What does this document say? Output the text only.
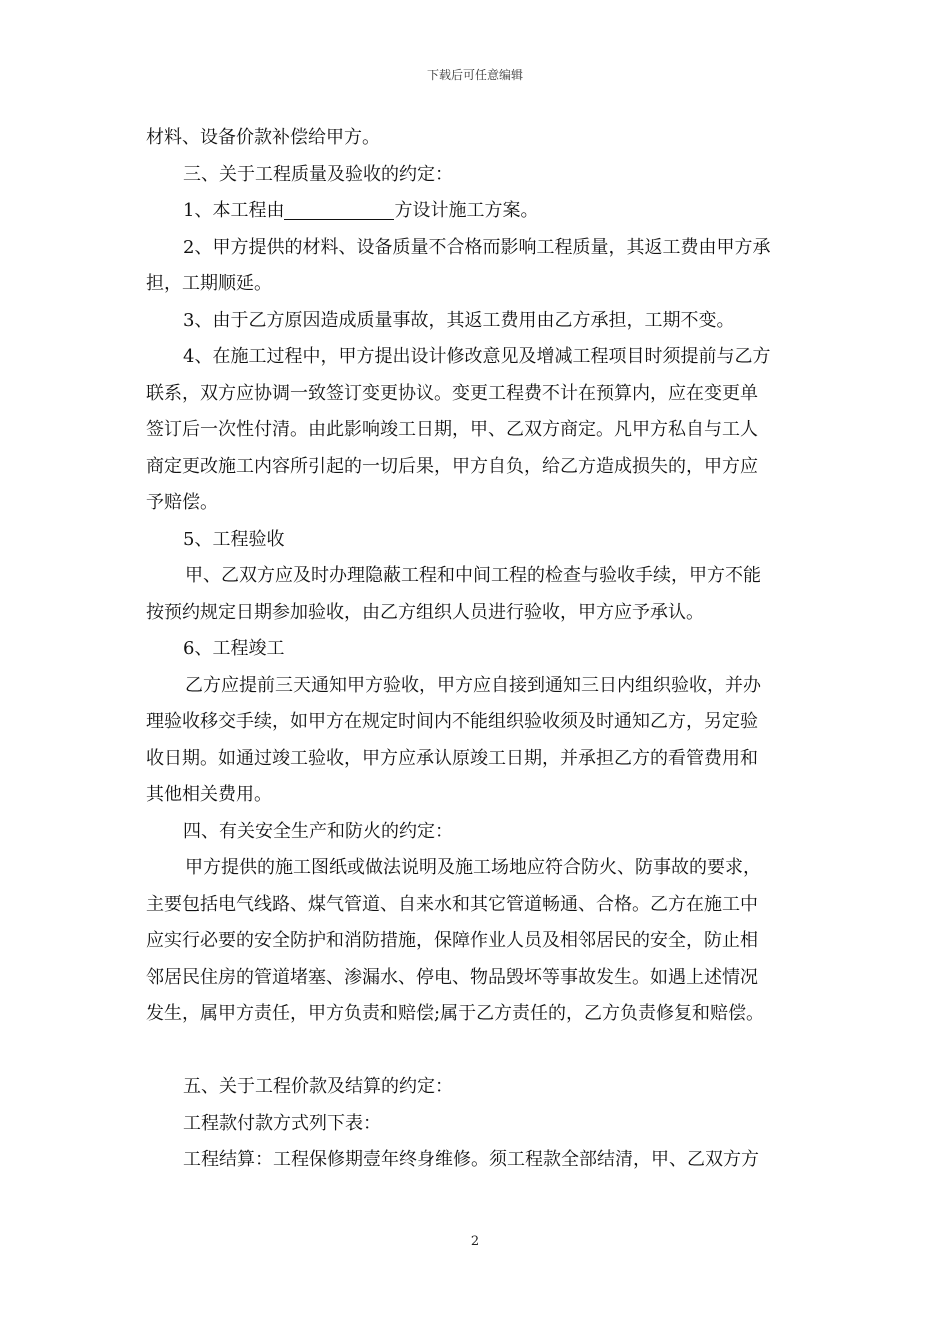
下载后可任意编辑
材料、设备价款补偿给甲方。
三、关于工程质量及验收的约定：
1、本工程由	方设计施工方案。
2、甲方提供的材料、设备质量不合格而影响工程质量，其返工费由甲方承
担，工期顺延。
3、由于乙方原因造成质量事故，其返工费用由乙方承担，工期不变。
4、在施工过程中，甲方提出设计修改意见及增减工程项目时须提前与乙方
联系，双方应协调一致签订变更协议。变更工程费不计在预算内，应在变更单
签订后一次性付清。由此影响竣工日期，甲、乙双方商定。凡甲方私自与工人
商定更改施工内容所引起的一切后果，甲方自负，给乙方造成损失的，甲方应
予赔偿。
5、工程验收
甲、乙双方应及时办理隐蔽工程和中间工程的检查与验收手续，甲方不能
按预约规定日期参加验收，由乙方组织人员进行验收，甲方应予承认。
6、工程竣工
乙方应提前三天通知甲方验收，甲方应自接到通知三日内组织验收，并办
理验收移交手续，如甲方在规定时间内不能组织验收须及时通知乙方，另定验
收日期。如通过竣工验收，甲方应承认原竣工日期，并承担乙方的看管费用和
其他相关费用。
四、有关安全生产和防火的约定：
甲方提供的施工图纸或做法说明及施工场地应符合防火、防事故的要求，
主要包括电气线路、煤气管道、自来水和其它管道畅通、合格。乙方在施工中
应实行必要的安全防护和消防措施，保障作业人员及相邻居民的安全，防止相
邻居民住房的管道堵塞、渗漏水、停电、物品毁坏等事故发生。如遇上述情况
发生，属甲方责任，甲方负责和赔偿;属于乙方责任的，乙方负责修复和赔偿。
五、关于工程价款及结算的约定：
工程款付款方式列下表：
工程结算：工程保修期壹年终身维修。须工程款全部结清，甲、乙双方方
2
